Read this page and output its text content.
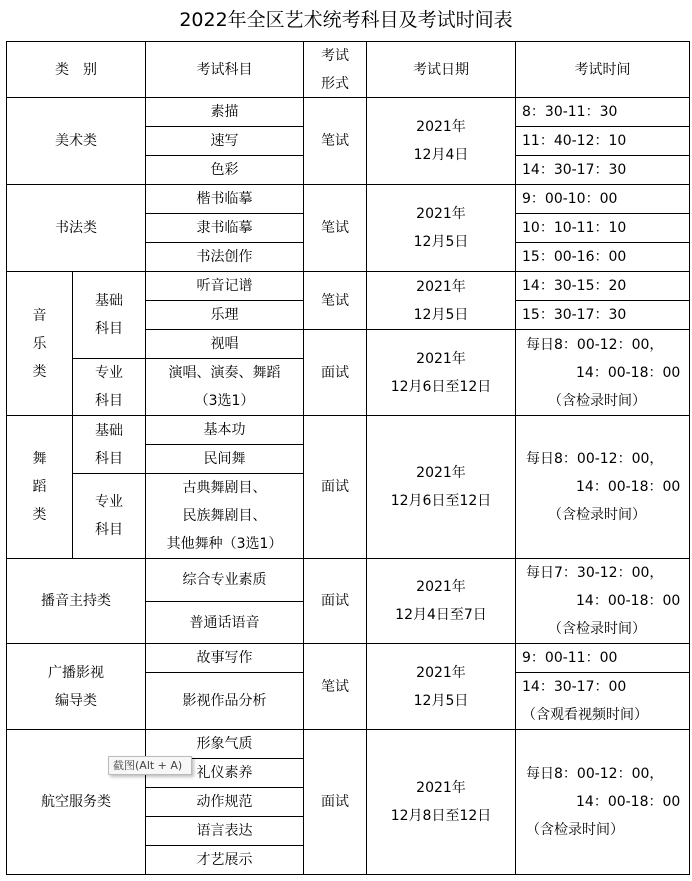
2022年全区艺术统考科目及考试时间表
类　别	考试科目
考试
形式
考试日期	考试时间
美术类
素描
速写
色彩
笔试
2021年
12月4日
8：30-11：30
11：40-12：10
14：30-17：30
书法类
楷书临摹
隶书临摹
书法创作
笔试
2021年
12月5日
9：00-10：00
10：10-11：10
15：00-16：00
音
乐
类
基础
科目
专业
科目
听音记谱
乐理
视唱
演唱、演奏、舞蹈
（3选1）
笔试
面试
2021年
12月5日
2021年
12月6日至12日
14：30-15：20
15：30-17：30
每日8：00-12：00，
14：00-18：00
（含检录时间）
舞
蹈
类
基础
科目
专业
科目
基本功
民间舞
古典舞剧目、
民族舞剧目、
其他舞种（3选1）
面试
2021年
12月6日至12日
每日8：00-12：00，
14：00-18：00
（含检录时间）
播音主持类
综合专业素质
普通话语音
面试
2021年
12月4日至7日
每日7：30-12：00，
14：00-18：00
（含检录时间）
广播影视
编导类
故事写作
影视作品分析
笔试
2021年
12月5日
9：00-11：00
14：30-17：00
（含观看视频时间）
航空服务类
形象气质
礼仪素养
动作规范
语言表达
才艺展示
面试
2021年
12月8日至12日
每日8：00-12：00，
14：00-18：00
（含检录时间）
截图(Alt + A)
